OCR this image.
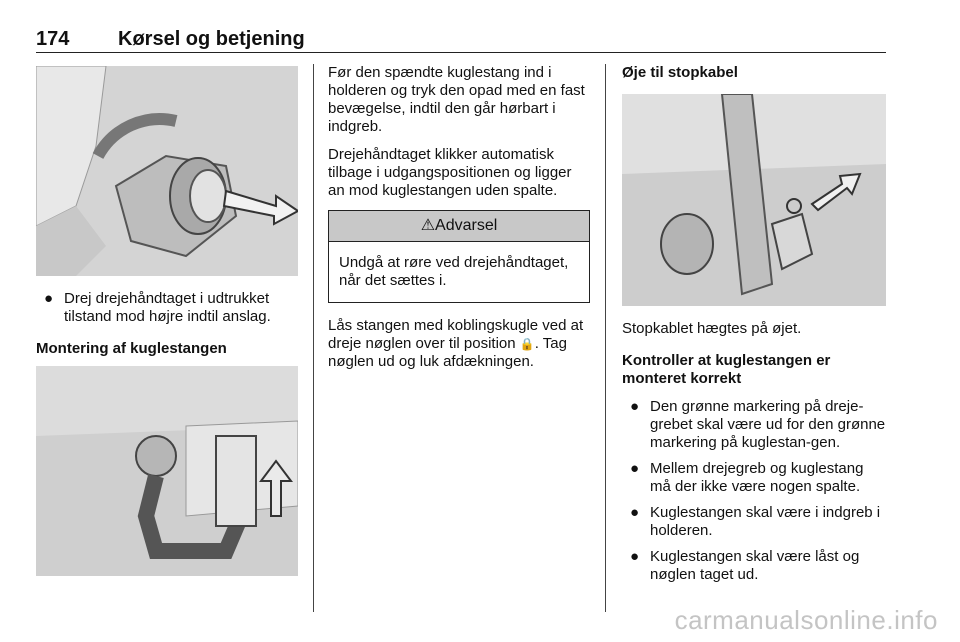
174 Kørsel og betjening
● Drej drejehåndtaget i udtrukket tilstand mod højre indtil anslag.

Montering af kuglestangen

Før den spændte kuglestang ind i holderen og tryk den opad med en fast bevægelse, indtil den går hørbart i indgreb.

Drejehåndtaget klikker automatisk tilbage i udgangspositionen og ligger an mod kuglestangen uden spalte.

⚠Advarsel
Undgå at røre ved drejehåndtaget, når det sættes i.

Lås stangen med koblingskugle ved at dreje nøglen over til position 🔒. Tag nøglen ud og luk afdækningen.

Øje til stopkabel

Stopkablet hægtes på øjet.

Kontroller at kuglestangen er monteret korrekt

● Den grønne markering på dreje-grebet skal være ud for den grønne markering på kuglestan-gen.
● Mellem drejegreb og kuglestang må der ikke være nogen spalte.
● Kuglestangen skal være i indgreb i holderen.
● Kuglestangen skal være låst og nøglen taget ud.
carmanualsonline.info
